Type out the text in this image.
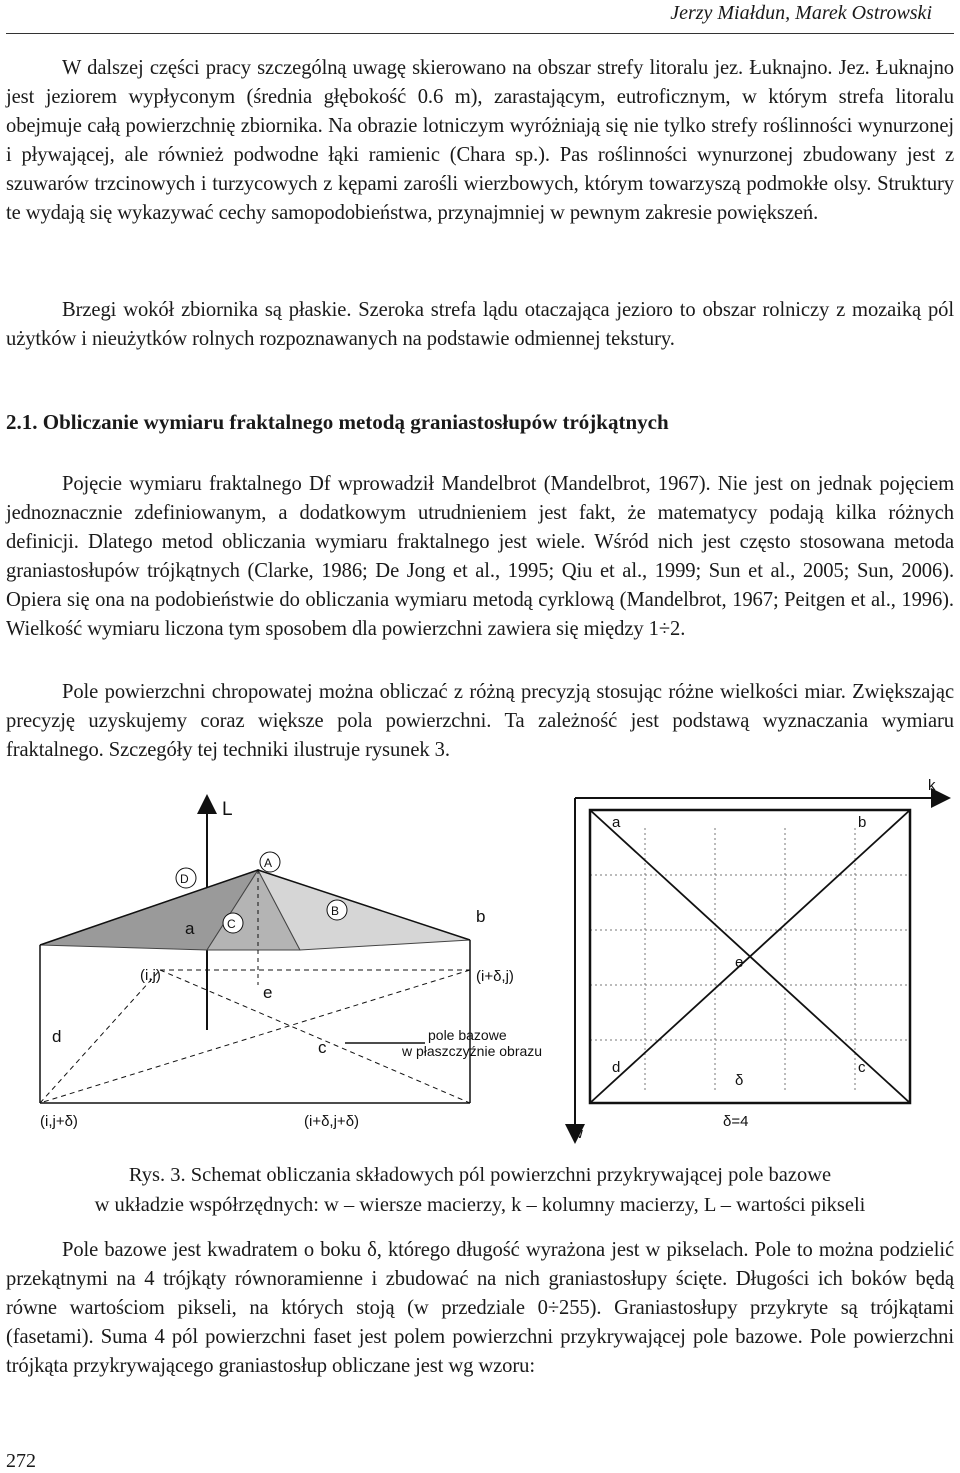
Jerzy Miałdun, Marek Ostrowski

W dalszej części pracy szczególną uwagę skierowano na obszar strefy litoralu jez. Łuknajno. Jez. Łuknajno jest jeziorem wypłyconym (średnia głębokość 0.6 m), zarastającym, eutroficznym, w którym strefa litoralu obejmuje całą powierzchnię zbiornika. Na obrazie lotniczym wyróżniają się nie tylko strefy roślinności wynurzonej i pływającej, ale również podwodne łąki ramienic (Chara sp.). Pas roślinności wynurzonej zbudowany jest z szuwarów trzcinowych i turzycowych z kępami zarośli wierzbowych, którym towarzyszą podmokłe olsy. Struktury te wydają się wykazywać cechy samopodobieństwa, przynajmniej w pewnym zakresie powiększeń.

Brzegi wokół zbiornika są płaskie. Szeroka strefa lądu otaczająca jezioro to obszar rolniczy z mozaiką pól użytków i nieużytków rolnych rozpoznawanych na podstawie odmiennej tekstury.

2.1. Obliczanie wymiaru fraktalnego metodą graniastosłupów trójkątnych

Pojęcie wymiaru fraktalnego Df wprowadził Mandelbrot (Mandelbrot, 1967). Nie jest on jednak pojęciem jednoznacznie zdefiniowanym, a dodatkowym utrudnieniem jest fakt, że matematycy podają kilka różnych definicji. Dlatego metod obliczania wymiaru fraktalnego jest wiele. Wśród nich jest często stosowana metoda graniastosłupów trójkątnych (Clarke, 1986; De Jong et al., 1995; Qiu et al., 1999; Sun et al., 2005; Sun, 2006). Opiera się ona na podobieństwie do obliczania wymiaru metodą cyrklową (Mandelbrot, 1967; Peitgen et al., 1996). Wielkość wymiaru liczona tym sposobem dla powierzchni zawiera się między 1÷2.

Pole powierzchni chropowatej można obliczać z różną precyzją stosując różne wielkości miar. Zwiększając precyzję uzyskujemy coraz większe pola powierzchni. Ta zależność jest podstawą wyznaczania wymiaru fraktalnego. Szczegóły tej techniki ilustruje rysunek 3.

L
A
D
C
B
a
b
e
d
c
(i,j)	(i+δ,j)
(i,j+δ)	(i+δ,j+δ)
pole bazowe
w płaszczyźnie obrazu
k
w
a	b
d	c
e
δ
δ=4

Rys. 3. Schemat obliczania składowych pól powierzchni przykrywającej pole bazowe

w układzie współrzędnych: w – wiersze macierzy, k – kolumny macierzy, L – wartości pikseli

Pole bazowe jest kwadratem o boku δ, którego długość wyrażona jest w pikselach. Pole to można podzielić przekątnymi na 4 trójkąty równoramienne i zbudować na nich graniastosłupy ścięte. Długości ich boków będą równe wartościom pikseli, na których stoją (w przedziale 0÷255). Graniastosłupy przykryte są trójkątami (fasetami). Suma 4 pól powierzchni faset jest polem powierzchni przykrywającej pole bazowe. Pole powierzchni trójkąta przykrywającego graniastosłup obliczane jest wg wzoru:

272
